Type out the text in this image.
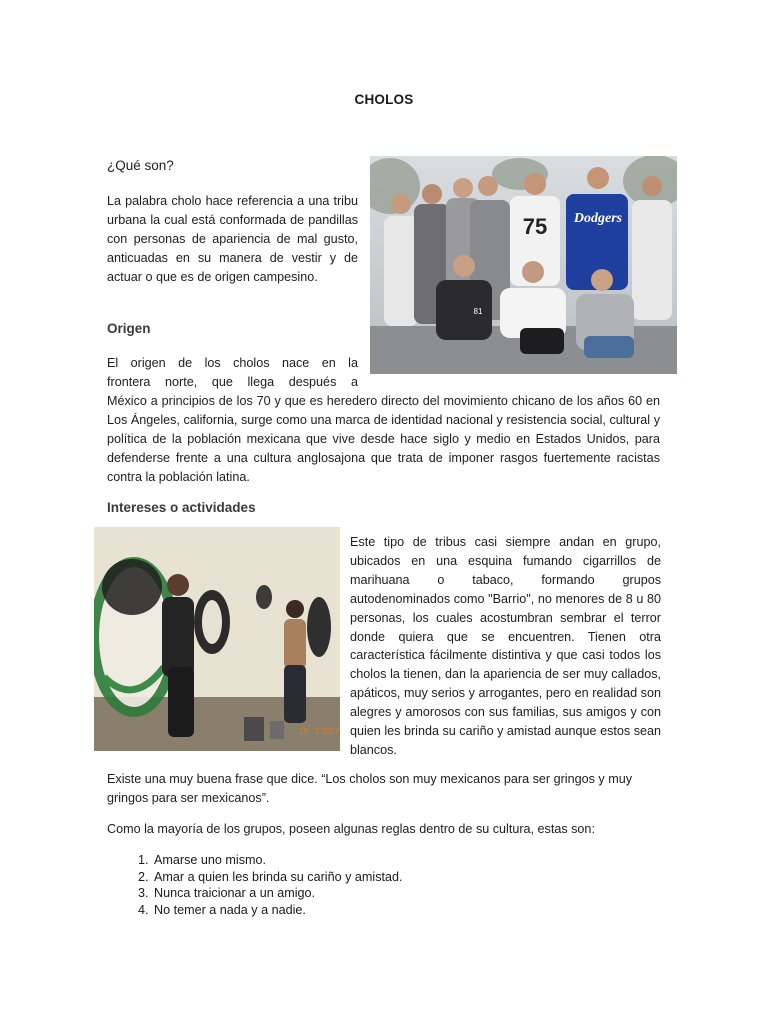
CHOLOS
¿Qué son?
La palabra cholo hace referencia a una tribu urbana la cual está conformada de pandillas con personas de apariencia de mal gusto, anticuadas en su manera de vestir y de actuar o que es de origen campesino.
75 Dodgers
81
Origen
El origen de los cholos nace en la
frontera norte, que llega después a
México a principios de los 70 y que es heredero directo del movimiento chicano de los años 60 en Los Ángeles, california, surge como una marca de identidad nacional y resistencia social, cultural y política de la población mexicana que vive desde hace siglo y medio en Estados Unidos, para defenderse frente a una cultura anglosajona que trata de imponer rasgos fuertemente racistas contra la población latina.
Intereses o actividades
29 . 3 2007
Este tipo de tribus casi siempre andan en grupo, ubicados en una esquina fumando cigarrillos de marihuana o tabaco, formando grupos autodenominados como "Barrio", no menores de 8 u 80 personas, los cuales acostumbran sembrar el terror donde quiera que se encuentren. Tienen otra característica fácilmente distintiva y que casi todos los cholos la tienen, dan la apariencia de ser muy callados, apáticos, muy serios y arrogantes, pero en realidad son alegres y amorosos con sus familias, sus amigos y con quien les brinda su cariño y amistad aunque estos sean blancos.
Existe una muy buena frase que dice. “Los cholos son muy mexicanos para ser gringos y muy gringos para ser mexicanos”.
Como la mayoría de los grupos, poseen algunas reglas dentro de su cultura, estas son:
1. Amarse uno mismo.
2. Amar a quien les brinda su cariño y amistad.
3. Nunca traicionar a un amigo.
4. No temer a nada y a nadie.
